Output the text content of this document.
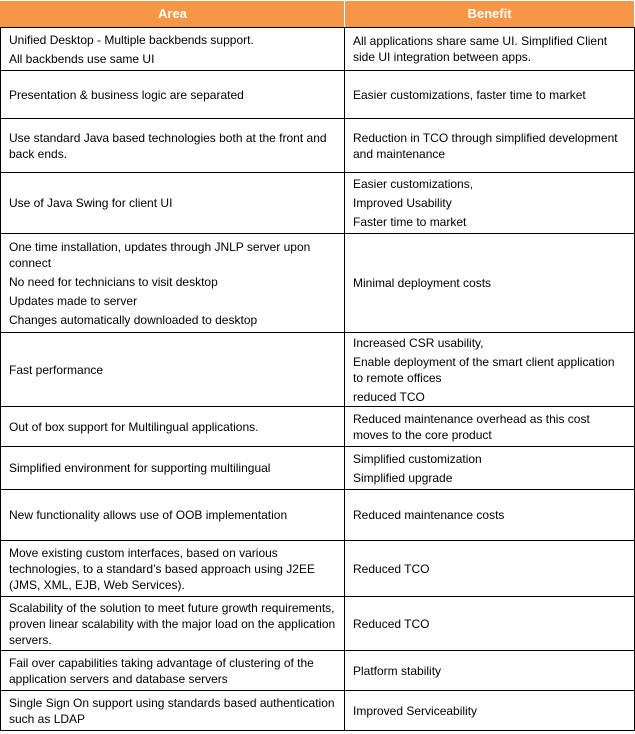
Area	Benefit

Unified Desktop - Multiple backbends support.
All backbends use same UI	All applications share same UI. Simplified Client side UI integration between apps.

Presentation & business logic are separated	Easier customizations, faster time to market

Use standard Java based technologies both at the front and back ends.	Reduction in TCO through simplified development and maintenance

Use of Java Swing for client UI	Easier customizations,
Improved Usability
Faster time to market

One time installation, updates through JNLP server upon connect
No need for technicians to visit desktop
Updates made to server
Changes automatically downloaded to desktop	Minimal deployment costs

Fast performance	Increased CSR usability,
Enable deployment of the smart client application to remote offices
reduced TCO

Out of box support for Multilingual applications.	Reduced maintenance overhead as this cost moves to the core product

Simplified environment for supporting multilingual	Simplified customization
Simplified upgrade

New functionality allows use of OOB implementation	Reduced maintenance costs

Move existing custom interfaces, based on various technologies, to a standard’s based approach using J2EE (JMS, XML, EJB, Web Services).	Reduced TCO

Scalability of the solution to meet future growth requirements, proven linear scalability with the major load on the application servers.	Reduced TCO

Fail over capabilities taking advantage of clustering of the application servers and database servers	Platform stability

Single Sign On support using standards based authentication such as LDAP	Improved Serviceability
